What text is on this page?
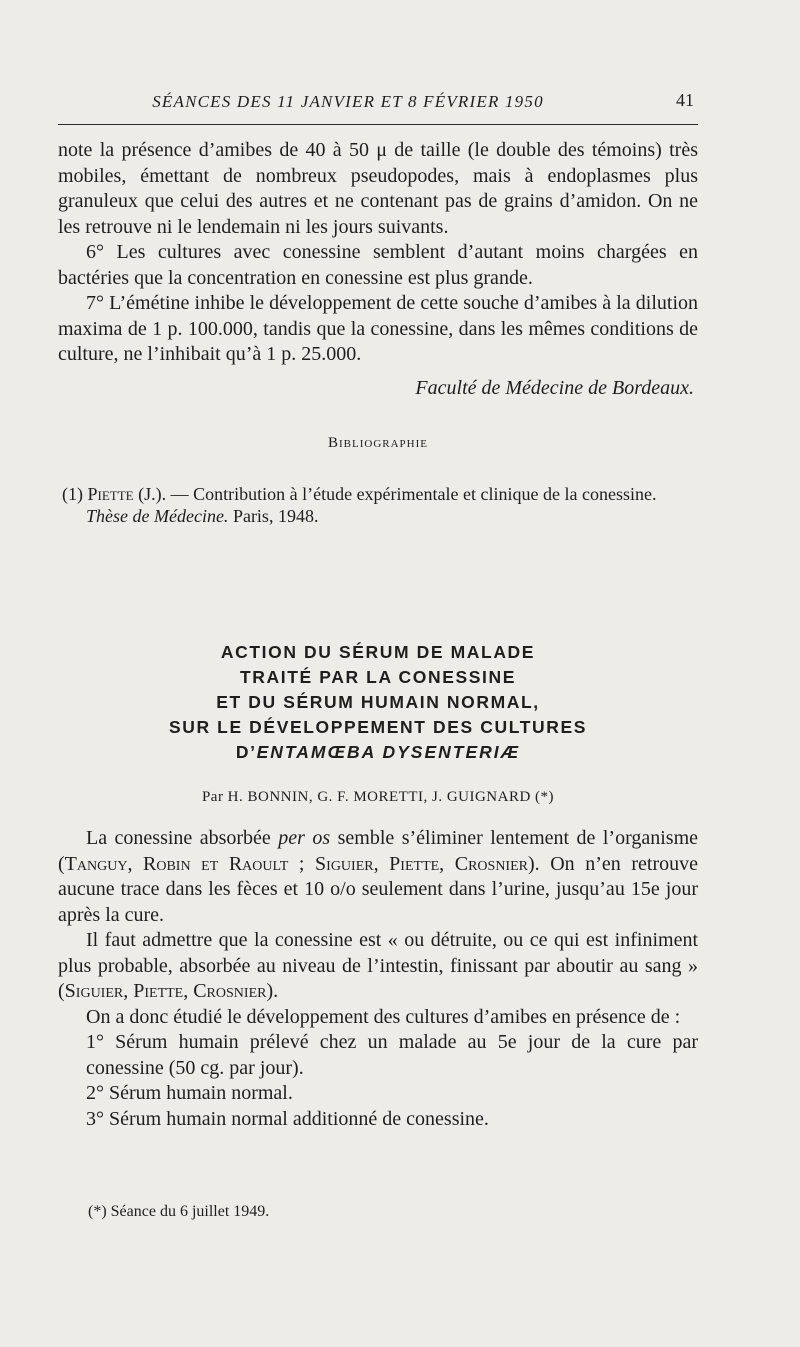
SÉANCES DES 11 JANVIER ET 8 FÉVRIER 1950	41

note la présence d’amibes de 40 à 50 μ de taille (le double des témoins) très mobiles, émettant de nombreux pseudopodes, mais à endoplasmes plus granuleux que celui des autres et ne contenant pas de grains d’amidon. On ne les retrouve ni le lendemain ni les jours suivants.

6° Les cultures avec conessine semblent d’autant moins chargées en bactéries que la concentration en conessine est plus grande.

7° L’émétine inhibe le développement de cette souche d’amibes à la dilution maxima de 1 p. 100.000, tandis que la conessine, dans les mêmes conditions de culture, ne l’inhibait qu’à 1 p. 25.000.

Faculté de Médecine de Bordeaux.

Bibliographie

(1) Piette (J.). — Contribution à l’étude expérimentale et clinique de la conessine. Thèse de Médecine. Paris, 1948.

ACTION DU SÉRUM DE MALADE

TRAITÉ PAR LA CONESSINE

ET DU SÉRUM HUMAIN NORMAL,

SUR LE DÉVELOPPEMENT DES CULTURES

D’ENTAMŒBA DYSENTERIÆ

Par H. BONNIN, G. F. MORETTI, J. GUIGNARD (*)

La conessine absorbée per os semble s’éliminer lentement de l’organisme (Tanguy, Robin et Raoult ; Siguier, Piette, Crosnier). On n’en retrouve aucune trace dans les fèces et 10 o/o seulement dans l’urine, jusqu’au 15e jour après la cure.

Il faut admettre que la conessine est « ou détruite, ou ce qui est infiniment plus probable, absorbée au niveau de l’intestin, finissant par aboutir au sang » (Siguier, Piette, Crosnier).

On a donc étudié le développement des cultures d’amibes en présence de :

1° Sérum humain prélevé chez un malade au 5e jour de la cure par conessine (50 cg. par jour).

2° Sérum humain normal.

3° Sérum humain normal additionné de conessine.

(*) Séance du 6 juillet 1949.
